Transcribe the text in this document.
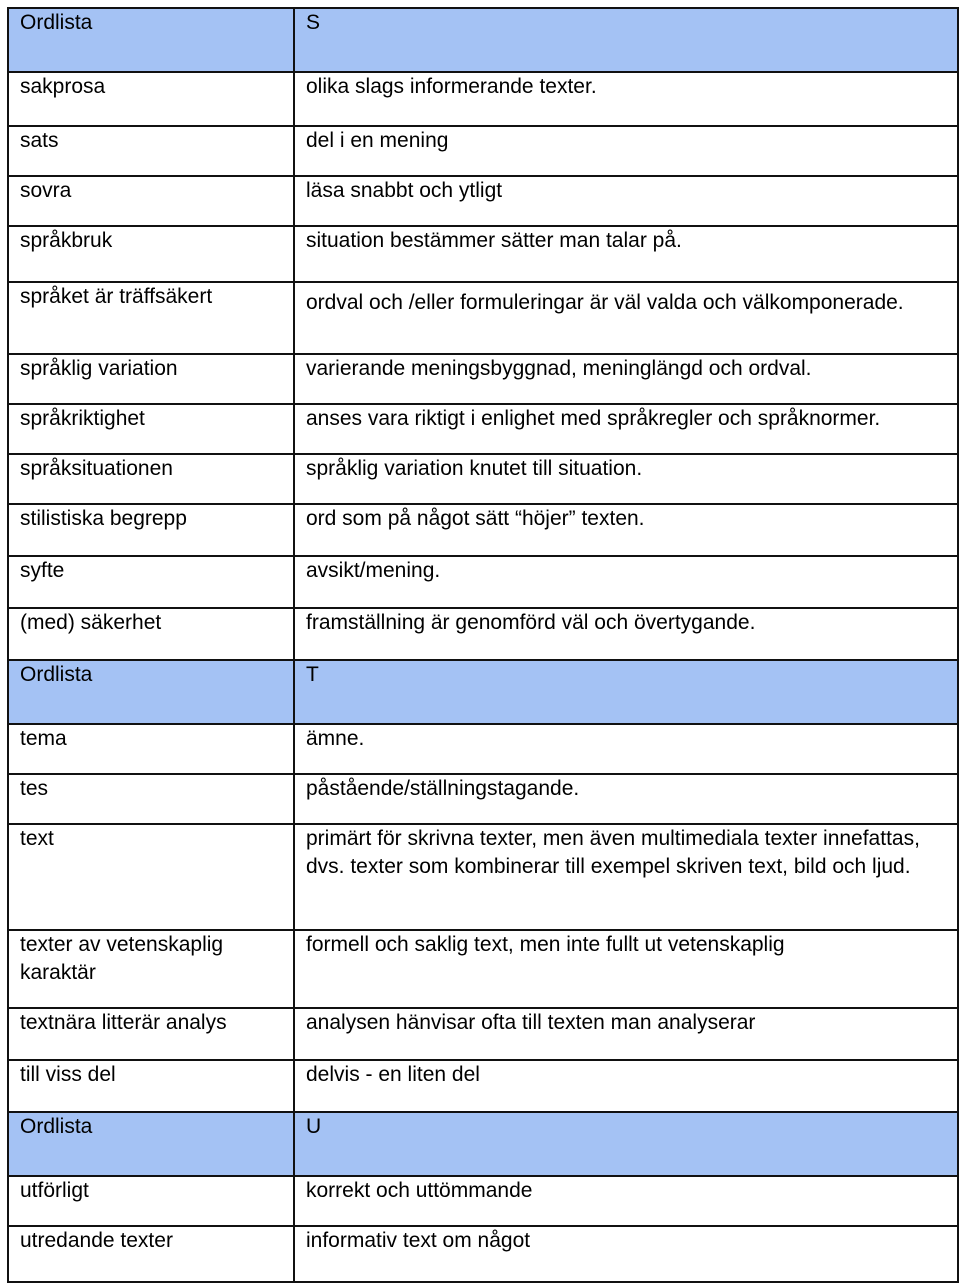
Ordlista	S
sakprosa	olika slags informerande texter.
sats	del i en mening
sovra	läsa snabbt och ytligt
språkbruk	situation bestämmer sätter man talar på.
språket är träffsäkert	ordval och /eller formuleringar är väl valda och välkomponerade.
språklig variation	varierande meningsbyggnad, meninglängd och ordval.
språkriktighet	anses vara riktigt i enlighet med språkregler och språknormer.
språksituationen	språklig variation knutet till situation.
stilistiska begrepp	ord som på något sätt “höjer” texten.
syfte	avsikt/mening.
(med) säkerhet	framställning är genomförd väl och övertygande.
Ordlista	T
tema	ämne.
tes	påstående/ställningstagande.
text	primärt för skrivna texter, men även multimediala texter innefattas, dvs. texter som kombinerar till exempel skriven text, bild och ljud.
texter av vetenskaplig karaktär	formell och saklig text, men inte fullt ut vetenskaplig
textnära litterär analys	analysen hänvisar ofta till texten man analyserar
till viss del	delvis - en liten del
Ordlista	U
utförligt	korrekt och uttömmande
utredande texter	informativ text om något
